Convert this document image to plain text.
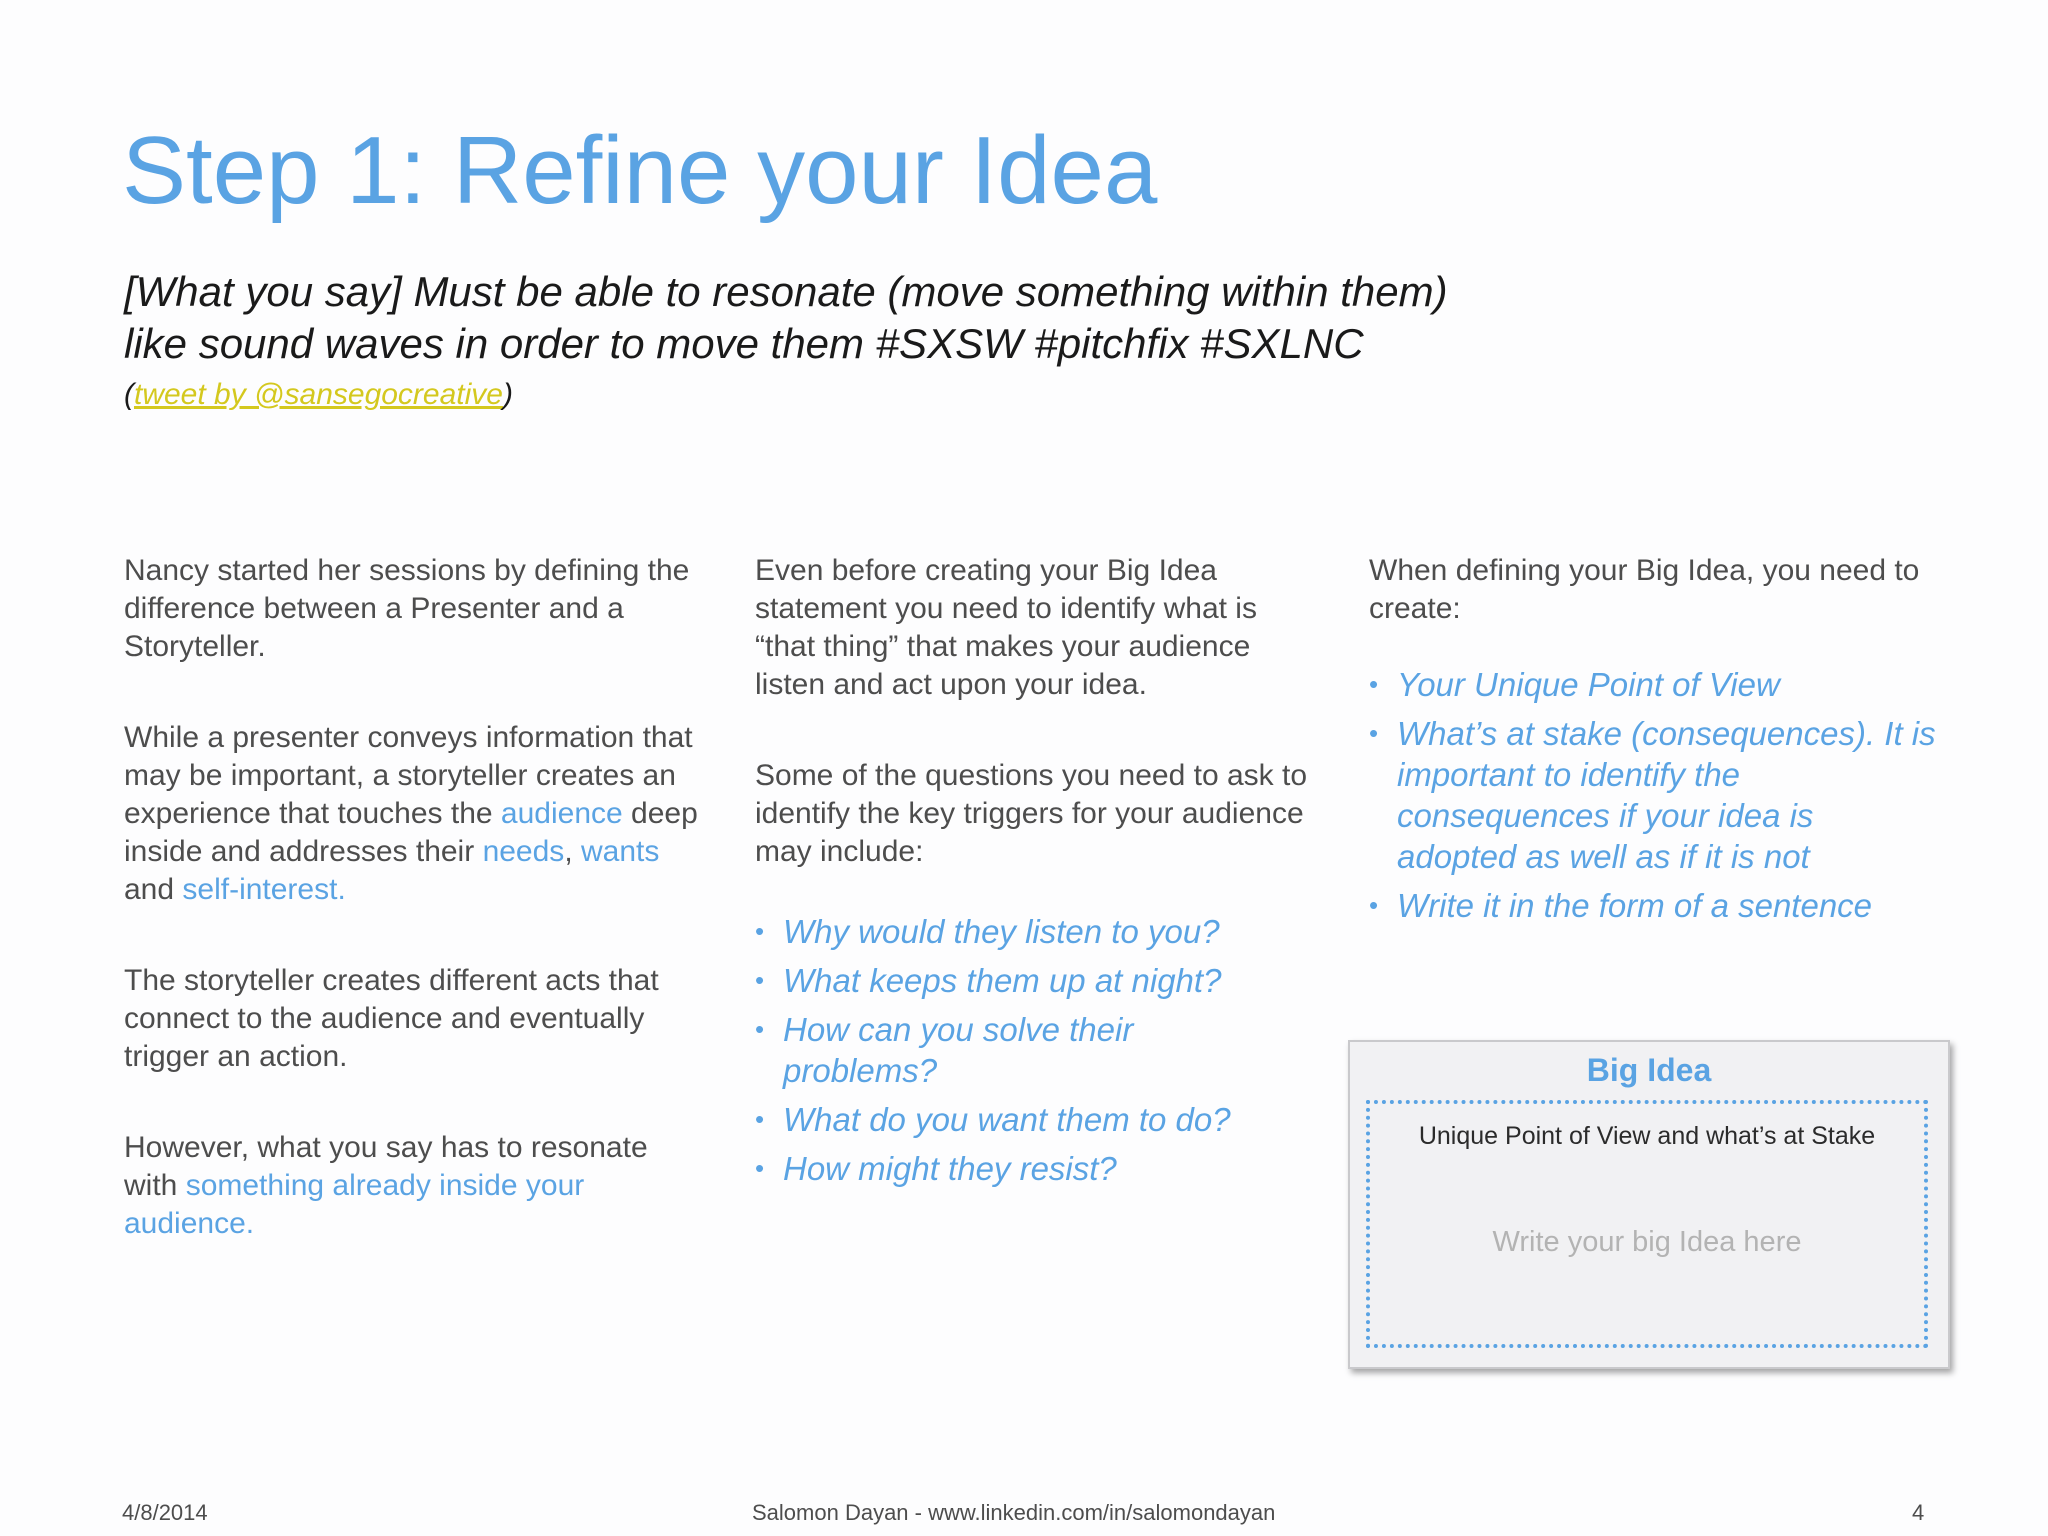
Step 1: Refine your Idea
[What you say] Must be able to resonate (move something within them)
like sound waves in order to move them #SXSW #pitchfix #SXLNC
(tweet by @sansegocreative)

Nancy started her sessions by defining the difference between a Presenter and a Storyteller.

While a presenter conveys information that may be important, a storyteller creates an experience that touches the audience deep inside and addresses their needs, wants and self-interest.

The storyteller creates different acts that connect to the audience and eventually trigger an action.

However, what you say has to resonate with something already inside your audience.

Even before creating your Big Idea statement you need to identify what is “that thing” that makes your audience listen and act upon your idea.

Some of the questions you need to ask to identify the key triggers for your audience may include:

• Why would they listen to you?
• What keeps them up at night?
• How can you solve their problems?
• What do you want them to do?
• How might they resist?

When defining your Big Idea, you need to create:

• Your Unique Point of View
• What’s at stake (consequences). It is important to identify the consequences if your idea is adopted as well as if it is not
• Write it in the form of a sentence
Big Idea
Unique Point of View and what’s at Stake
Write your big Idea here
4/8/2014	Salomon Dayan - www.linkedin.com/in/salomondayan	4
